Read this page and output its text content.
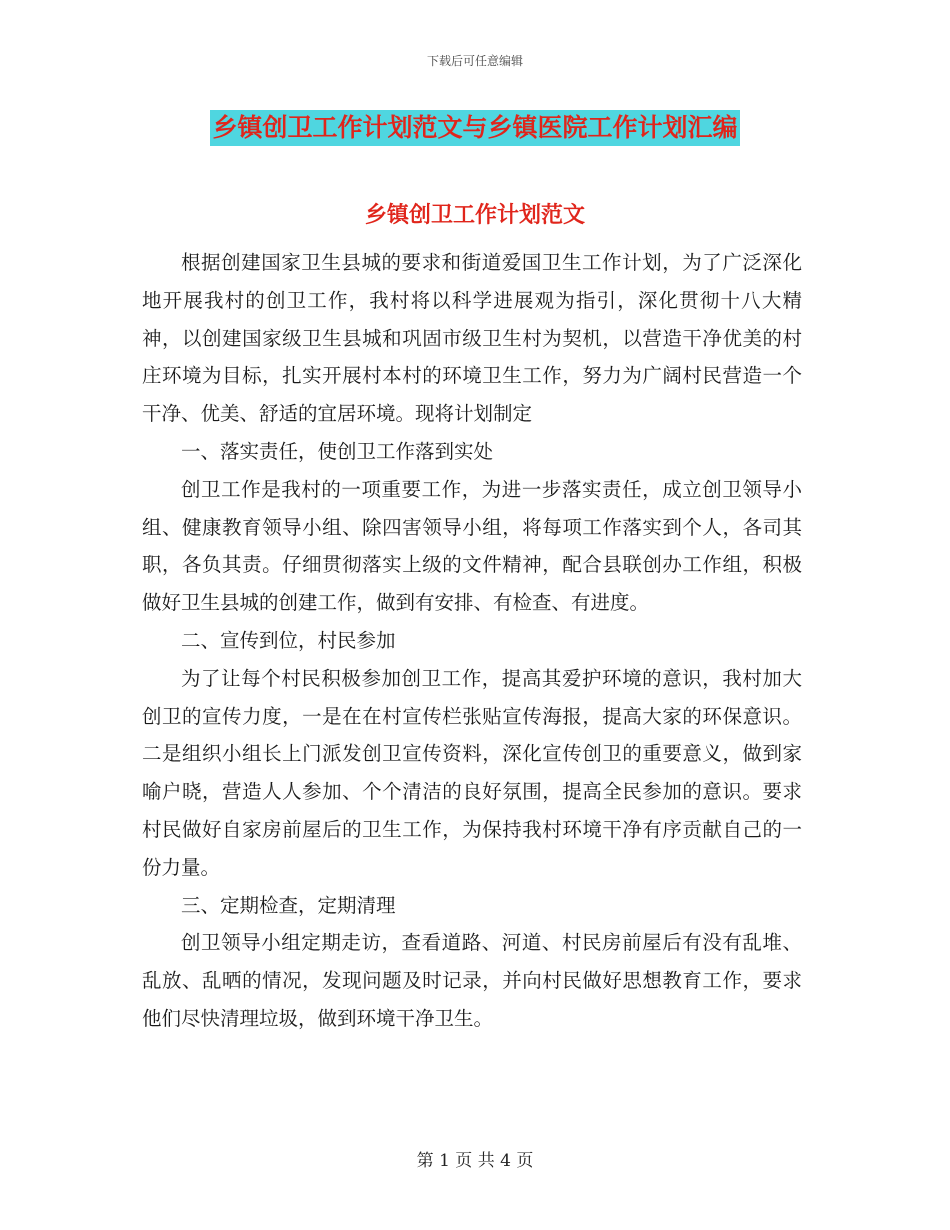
下载后可任意编辑
乡镇创卫工作计划范文与乡镇医院工作计划汇编
乡镇创卫工作计划范文

根据创建国家卫生县城的要求和街道爱国卫生工作计划，为了广泛深化地开展我村的创卫工作，我村将以科学进展观为指引，深化贯彻十八大精神，以创建国家级卫生县城和巩固市级卫生村为契机，以营造干净优美的村庄环境为目标，扎实开展村本村的环境卫生工作，努力为广阔村民营造一个干净、优美、舒适的宜居环境。现将计划制定

一、落实责任，使创卫工作落到实处

创卫工作是我村的一项重要工作，为进一步落实责任，成立创卫领导小组、健康教育领导小组、除四害领导小组，将每项工作落实到个人，各司其职，各负其责。仔细贯彻落实上级的文件精神，配合县联创办工作组，积极做好卫生县城的创建工作，做到有安排、有检查、有进度。

二、宣传到位，村民参加

为了让每个村民积极参加创卫工作，提高其爱护环境的意识，我村加大创卫的宣传力度，一是在在村宣传栏张贴宣传海报，提高大家的环保意识。二是组织小组长上门派发创卫宣传资料，深化宣传创卫的重要意义，做到家喻户晓，营造人人参加、个个清洁的良好氛围，提高全民参加的意识。要求村民做好自家房前屋后的卫生工作，为保持我村环境干净有序贡献自己的一份力量。

三、定期检查，定期清理

创卫领导小组定期走访，查看道路、河道、村民房前屋后有没有乱堆、乱放、乱晒的情况，发现问题及时记录，并向村民做好思想教育工作，要求他们尽快清理垃圾，做到环境干净卫生。

第 1 页 共 4 页
